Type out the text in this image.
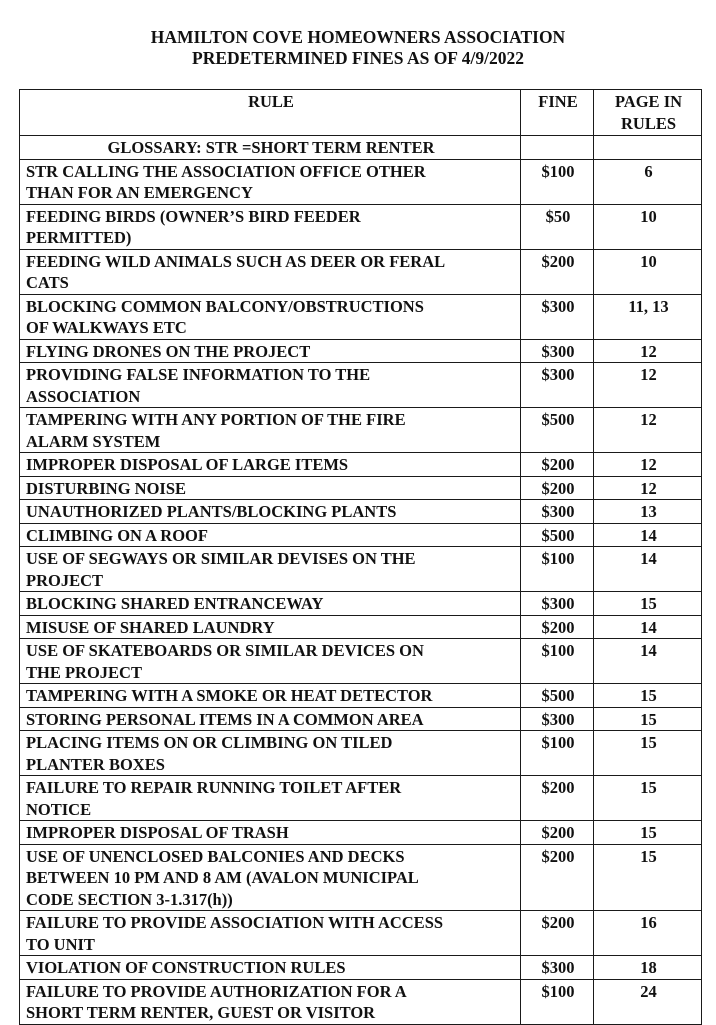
HAMILTON COVE HOMEOWNERS ASSOCIATION
PREDETERMINED FINES AS OF 4/9/2022
RULE	FINE	PAGE IN
RULES

GLOSSARY: STR =SHORT TERM RENTER		

STR CALLING THE ASSOCIATION OFFICE OTHER
THAN FOR AN EMERGENCY	$100	6

FEEDING BIRDS (OWNER’S BIRD FEEDER
PERMITTED)	$50	10

FEEDING WILD ANIMALS SUCH AS DEER OR FERAL
CATS	$200	10

BLOCKING COMMON BALCONY/OBSTRUCTIONS
OF WALKWAYS ETC	$300	11, 13

FLYING DRONES ON THE PROJECT	$300	12

PROVIDING FALSE INFORMATION TO THE
ASSOCIATION	$300	12

TAMPERING WITH ANY PORTION OF THE FIRE
ALARM SYSTEM	$500	12

IMPROPER DISPOSAL OF LARGE ITEMS	$200	12

DISTURBING NOISE	$200	12

UNAUTHORIZED PLANTS/BLOCKING PLANTS	$300	13

CLIMBING ON A ROOF	$500	14

USE OF SEGWAYS OR SIMILAR DEVISES ON THE
PROJECT	$100	14

BLOCKING SHARED ENTRANCEWAY	$300	15

MISUSE OF SHARED LAUNDRY	$200	14

USE OF SKATEBOARDS OR SIMILAR DEVICES ON
THE PROJECT	$100	14

TAMPERING WITH A SMOKE OR HEAT DETECTOR	$500	15

STORING PERSONAL ITEMS IN A COMMON AREA	$300	15

PLACING ITEMS ON OR CLIMBING ON TILED
PLANTER BOXES	$100	15

FAILURE TO REPAIR RUNNING TOILET AFTER
NOTICE	$200	15

IMPROPER DISPOSAL OF TRASH	$200	15

USE OF UNENCLOSED BALCONIES AND DECKS
BETWEEN 10 PM AND 8 AM (AVALON MUNICIPAL
CODE SECTION 3-1.317(h))	$200	15

FAILURE TO PROVIDE ASSOCIATION WITH ACCESS
TO UNIT	$200	16

VIOLATION OF CONSTRUCTION RULES	$300	18

FAILURE TO PROVIDE AUTHORIZATION FOR A
SHORT TERM RENTER, GUEST OR VISITOR	$100	24
